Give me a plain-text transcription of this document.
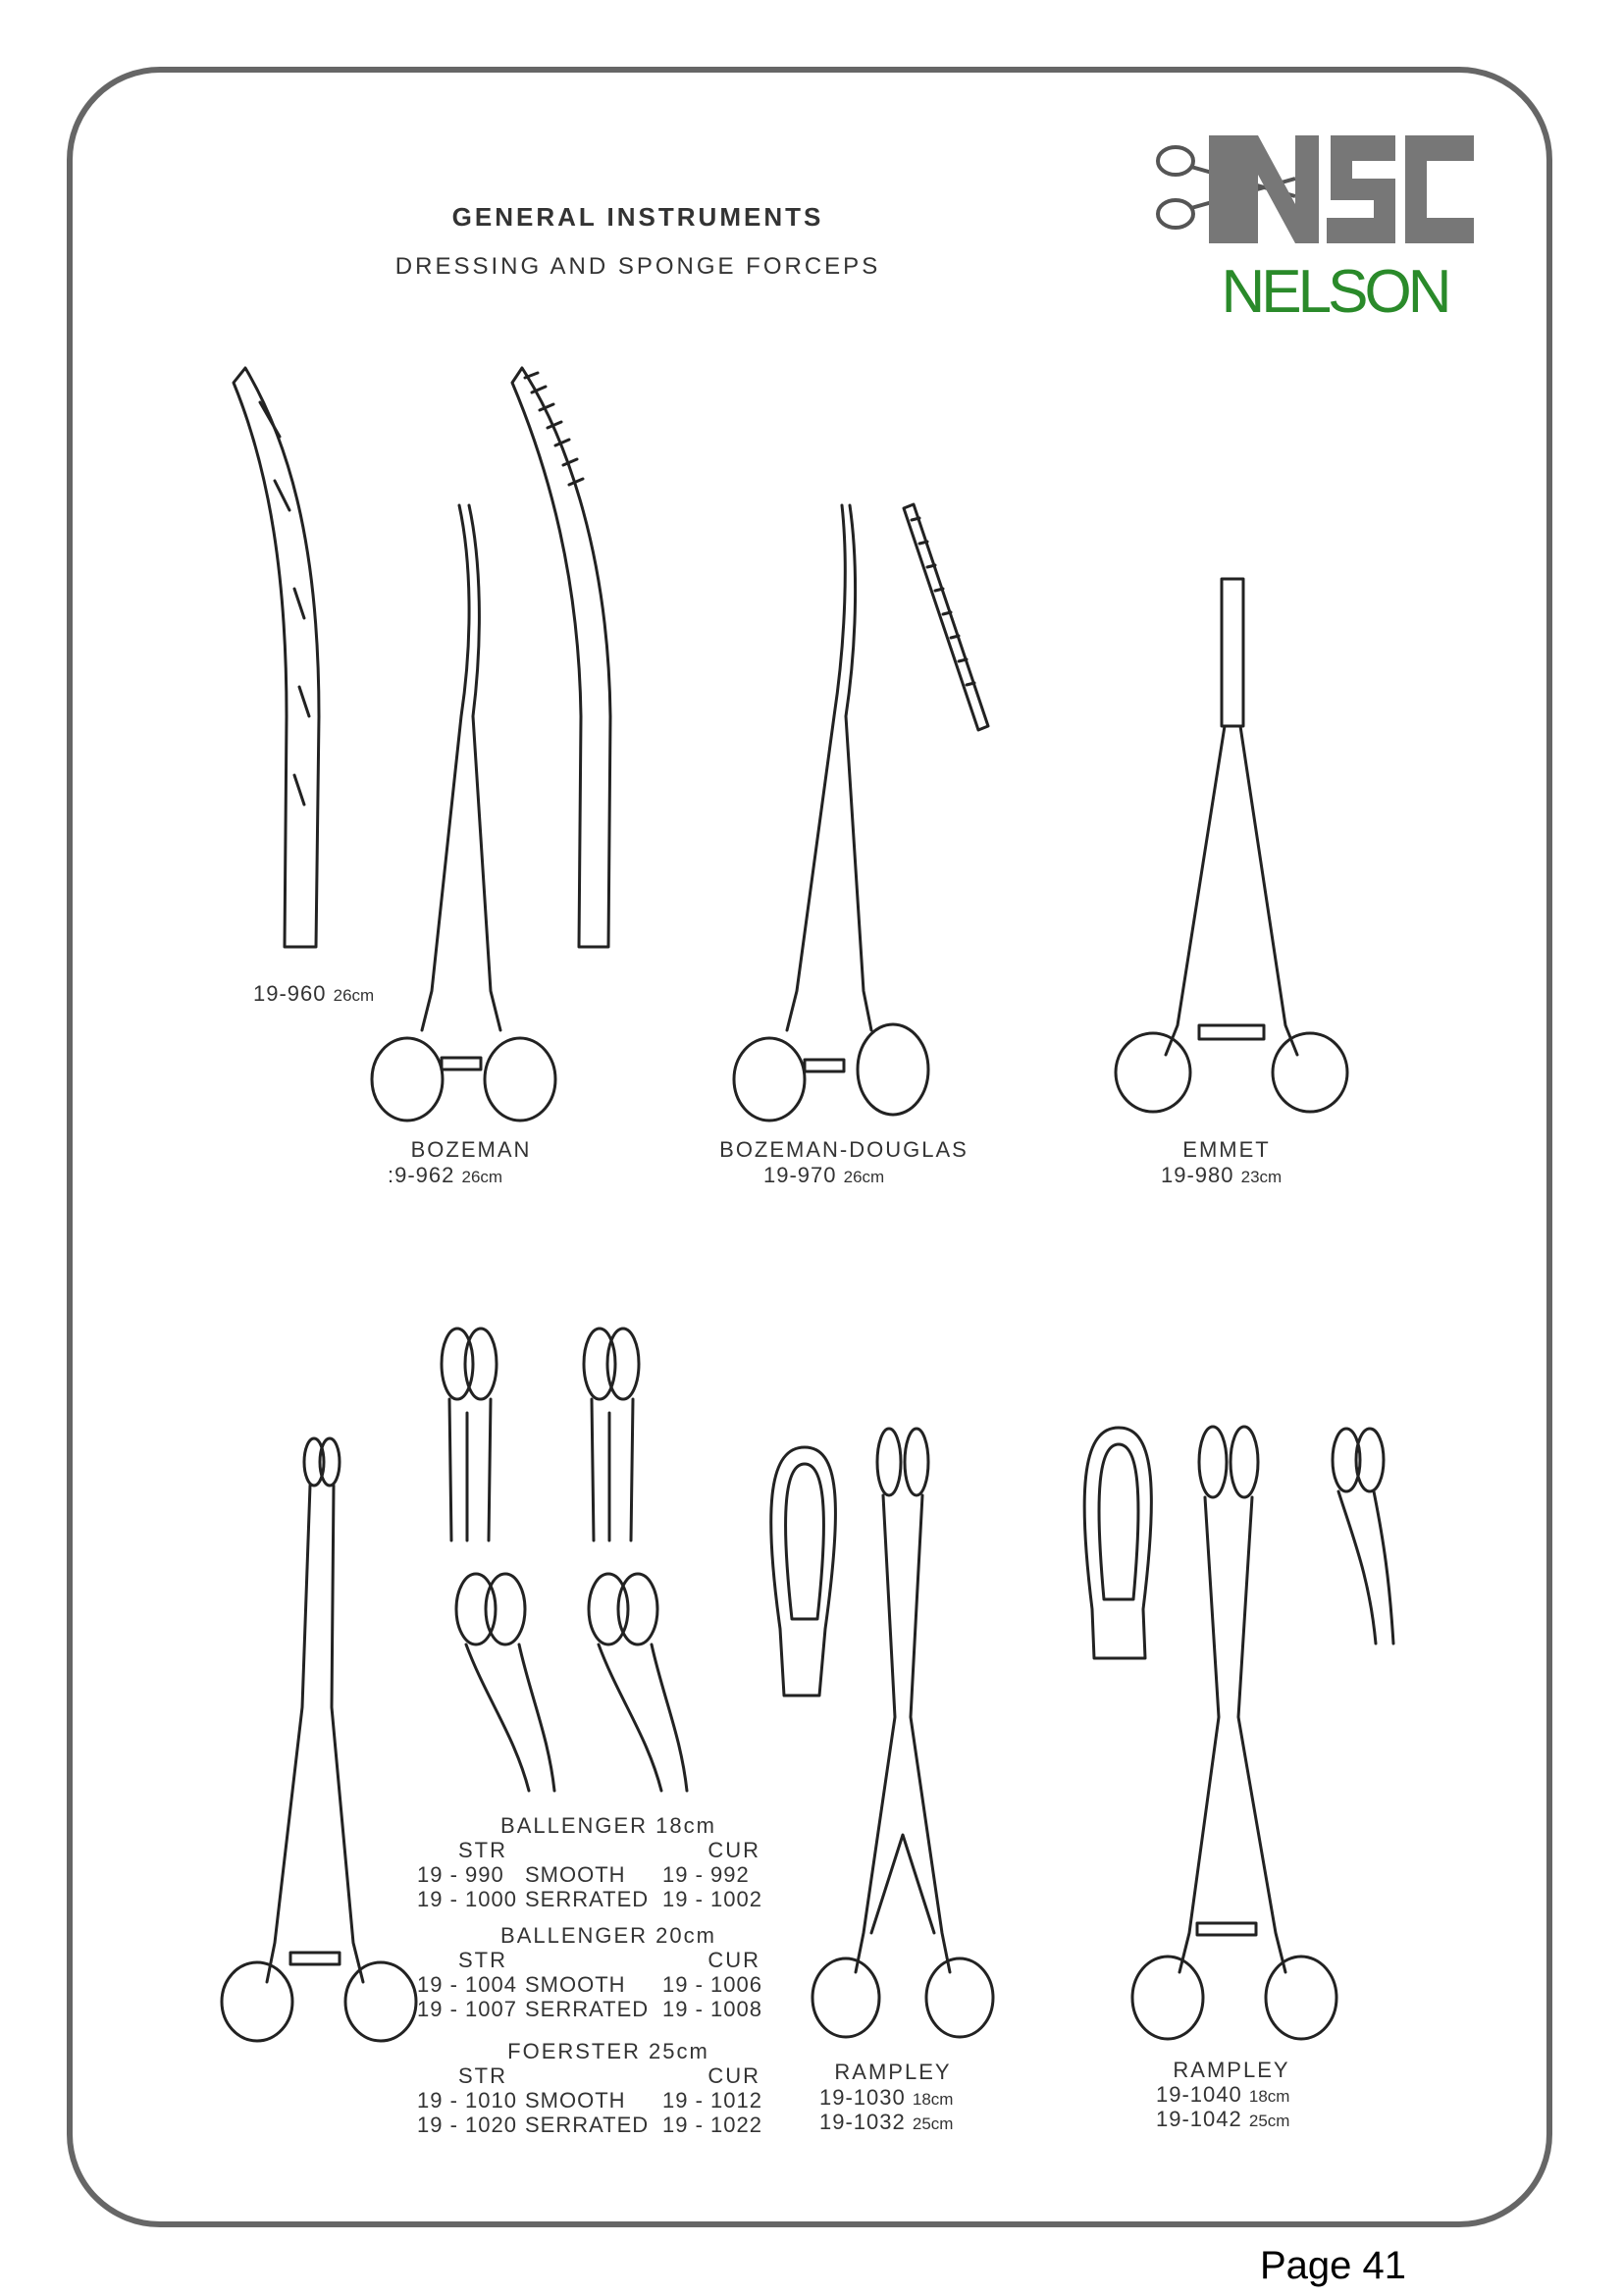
GENERAL INSTRUMENTS
DRESSING AND SPONGE FORCEPS	NELSON
19-960 26cm
BOZEMAN
:9-962 26cm
BOZEMAN-DOUGLAS
19-970 26cm
EMMET
19-980 23cm
BALLENGER 18cm
STR	CUR
19 - 990 SMOOTH	19 - 992
19 - 1000 SERRATED 19 - 1002
BALLENGER 20cm
STR	CUR
19 - 1004 SMOOTH	19 - 1006
19 - 1007 SERRATED 19 - 1008
FOERSTER 25cm
STR	CUR
19 - 1010 SMOOTH	19 - 1012
19 - 1020 SERRATED 19 - 1022
RAMPLEY
19-1030 18cm
19-1032 25cm
RAMPLEY
19-1040 18cm
19-1042 25cm
Page 41
